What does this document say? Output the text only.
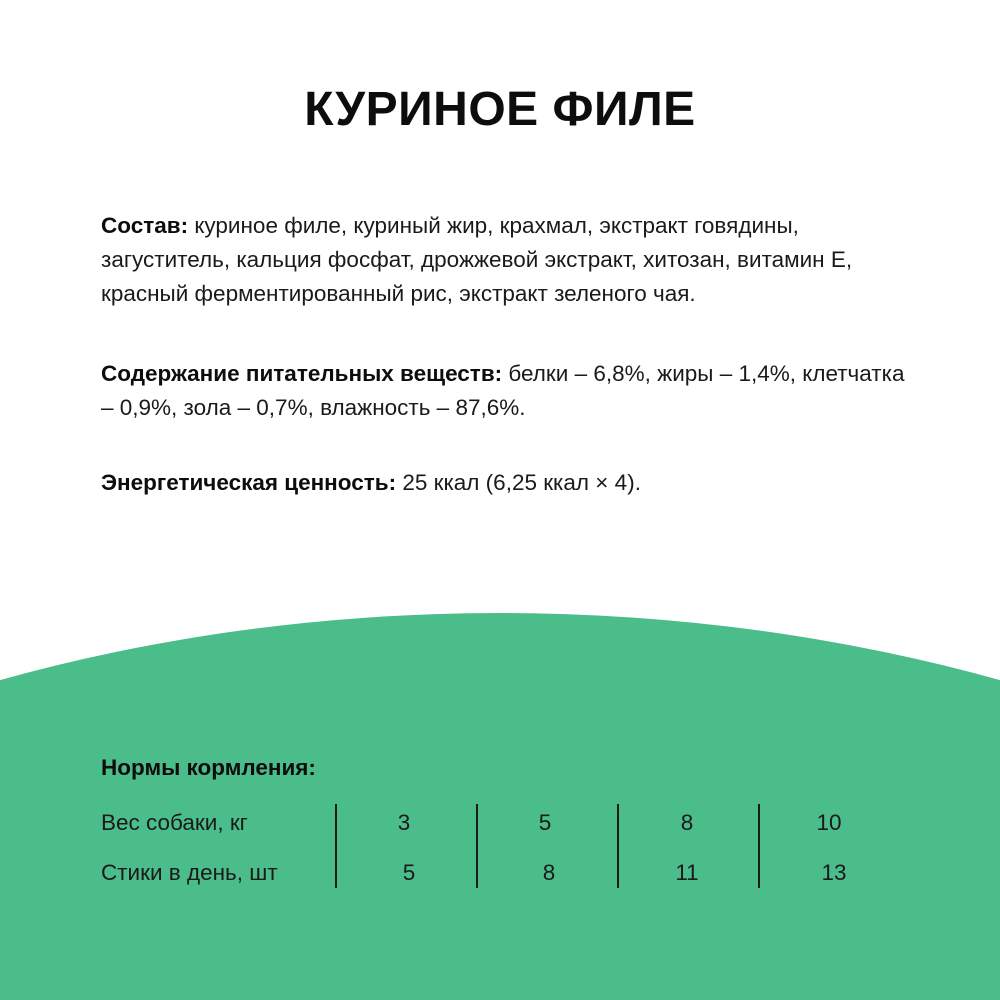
КУРИНОЕ ФИЛЕ

Состав: куриное филе, куриный жир, крахмал, экстракт говядины, загуститель, кальция фосфат, дрожжевой экстракт, хитозан, витамин E, красный ферментированный рис, экстракт зеленого чая.

Содержание питательных веществ: белки – 6,8%, жиры – 1,4%, клетчатка – 0,9%, зола – 0,7%, влажность – 87,6%.

Энергетическая ценность: 25 ккал (6,25 ккал × 4).

Нормы кормления:

Вес собаки, кг	3	5	8	10
Стики в день, шт	5	8	11	13
